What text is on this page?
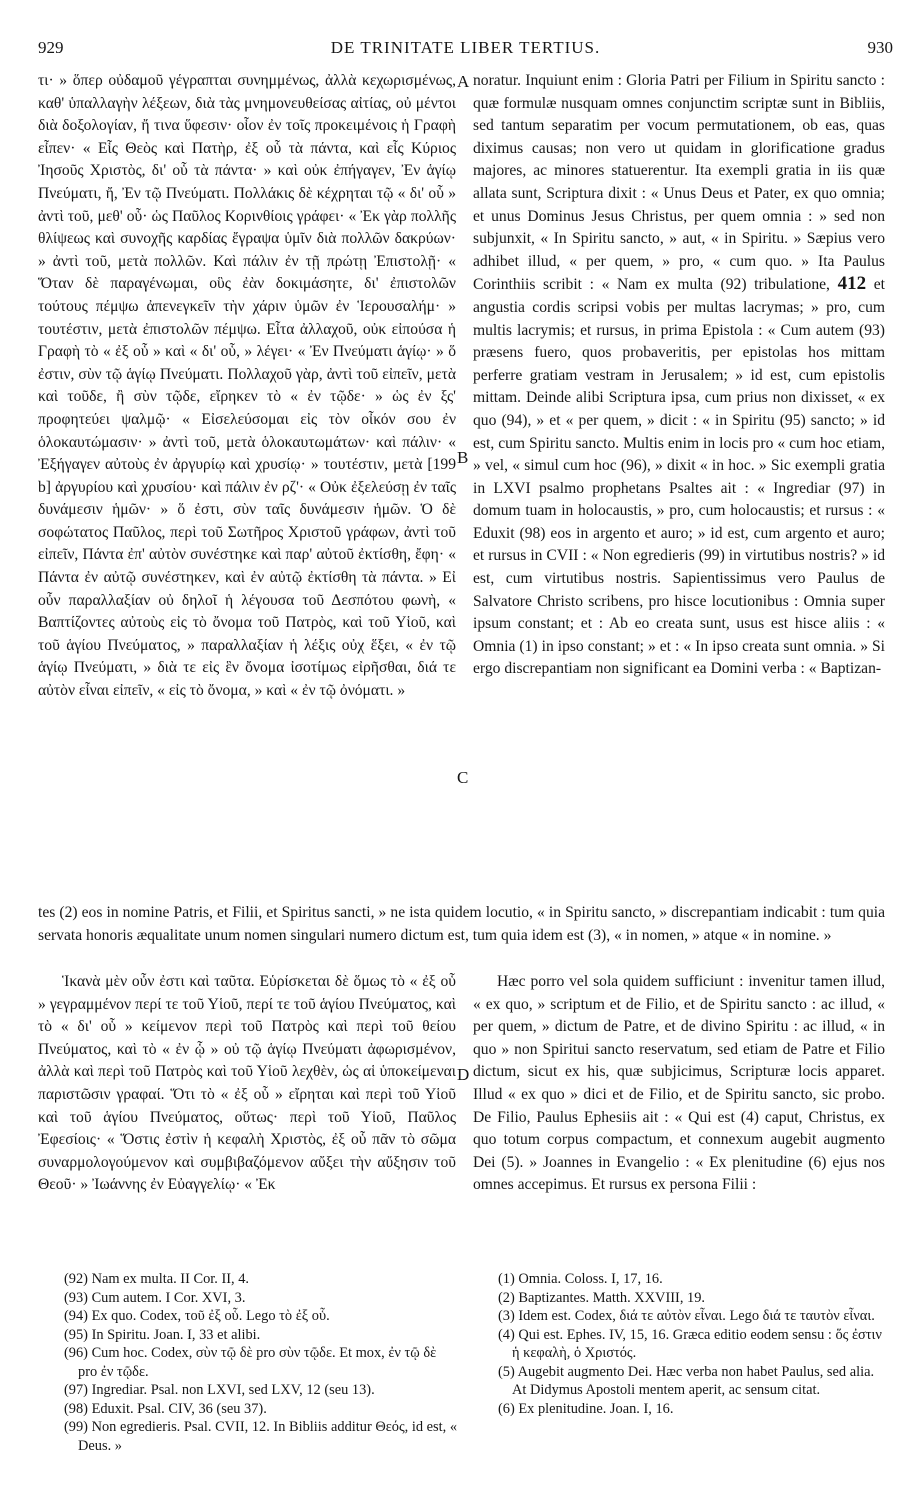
929	DE TRINITATE LIBER TERTIUS.	930
A
B
C
D

τι· » ὅπερ οὐδαμοῦ γέγραπται συνημμένως, ἀλλὰ κεχωρισμένως, καθ' ὑπαλλαγὴν λέξεων, διὰ τὰς μνημονευθείσας αἰτίας, οὐ μέντοι διὰ δοξολογίαν, ἤ τινα ὕφεσιν· οἷον ἐν τοῖς προκειμένοις ἡ Γραφὴ εἶπεν· « Εἷς Θεὸς καὶ Πατὴρ, ἐξ οὗ τὰ πάντα, καὶ εἷς Κύριος Ἰησοῦς Χριστὸς, δι' οὗ τὰ πάντα· » καὶ οὐκ ἐπήγαγεν, Ἐν ἁγίῳ Πνεύματι, ἤ, Ἐν τῷ Πνεύματι. Πολλάκις δὲ κέχρηται τῷ « δι' οὗ » ἀντὶ τοῦ, μεθ' οὗ· ὡς Παῦλος Κορινθίοις γράφει· « Ἐκ γὰρ πολλῆς θλίψεως καὶ συνοχῆς καρδίας ἔγραψα ὑμῖν διὰ πολλῶν δακρύων· » ἀντὶ τοῦ, μετὰ πολλῶν. Καὶ πάλιν ἐν τῇ πρώτῃ Ἐπιστολῇ· « Ὅταν δὲ παραγένωμαι, οὓς ἐὰν δοκιμάσητε, δι' ἐπιστολῶν τούτους πέμψω ἀπενεγκεῖν τὴν χάριν ὑμῶν ἐν Ἱερουσαλήμ· » τουτέστιν, μετὰ ἐπιστολῶν πέμψω. Εἶτα ἀλλαχοῦ, οὐκ εἰπούσα ἡ Γραφὴ τὸ « ἐξ οὗ » καὶ « δι' οὗ, » λέγει· « Ἐν Πνεύματι ἁγίῳ· » ὅ ἐστιν, σὺν τῷ ἁγίῳ Πνεύματι. Πολλαχοῦ γὰρ, ἀντὶ τοῦ εἰπεῖν, μετὰ καὶ τοῦδε, ἢ σὺν τῷδε, εἴρηκεν τὸ « ἐν τῷδε· » ὡς ἐν ξς' προφητεύει ψαλμῷ· « Εἰσελεύσομαι εἰς τὸν οἶκόν σου ἐν ὁλοκαυτώμασιν· » ἀντὶ τοῦ, μετὰ ὁλοκαυτωμάτων· καὶ πάλιν· « Ἐξήγαγεν αὐτοὺς ἐν ἀργυρίῳ καὶ χρυσίῳ· » τουτέστιν, μετὰ [199 b] ἀργυρίου καὶ χρυσίου· καὶ πάλιν ἐν ρζ'· « Οὐκ ἐξελεύσῃ ἐν ταῖς δυνάμεσιν ἡμῶν· » ὅ ἐστι, σὺν ταῖς δυνάμεσιν ἡμῶν. Ὁ δὲ σοφώτατος Παῦλος, περὶ τοῦ Σωτῆρος Χριστοῦ γράφων, ἀντὶ τοῦ εἰπεῖν, Πάντα ἐπ' αὐτὸν συνέστηκε καὶ παρ' αὐτοῦ ἐκτίσθη, ἔφη· « Πάντα ἐν αὐτῷ συνέστηκεν, καὶ ἐν αὐτῷ ἐκτίσθη τὰ πάντα. » Εἰ οὖν παραλλαξίαν οὐ δηλοῖ ἡ λέγουσα τοῦ Δεσπότου φωνὴ, « Βαπτίζοντες αὐτοὺς εἰς τὸ ὄνομα τοῦ Πατρὸς, καὶ τοῦ Υἱοῦ, καὶ τοῦ ἁγίου Πνεύματος, » παραλλαξίαν ἡ λέξις οὐχ ἕξει, « ἐν τῷ ἁγίῳ Πνεύματι, » διὰ τε εἰς ἓν ὄνομα ἰσοτίμως εἰρῆσθαι, διά τε αὐτὸν εἶναι εἰπεῖν, « εἰς τὸ ὄνομα, » καὶ « ἐν τῷ ὀνόματι. »

noratur. Inquiunt enim : Gloria Patri per Filium in Spiritu sancto : quæ formulæ nusquam omnes conjunctim scriptæ sunt in Bibliis, sed tantum separatim per vocum permutationem, ob eas, quas diximus causas; non vero ut quidam in glorificatione gradus majores, ac minores statuerentur. Ita exempli gratia in iis quæ allata sunt, Scriptura dixit : « Unus Deus et Pater, ex quo omnia; et unus Dominus Jesus Christus, per quem omnia : » sed non subjunxit, « In Spiritu sancto, » aut, « in Spiritu. » Sæpius vero adhibet illud, « per quem, » pro, « cum quo. » Ita Paulus Corinthiis scribit : « Nam ex multa (92) tribulatione, 412 et angustia cordis scripsi vobis per multas lacrymas; » pro, cum multis lacrymis; et rursus, in prima Epistola : « Cum autem (93) præsens fuero, quos probaveritis, per epistolas hos mittam perferre gratiam vestram in Jerusalem; » id est, cum epistolis mittam. Deinde alibi Scriptura ipsa, cum prius non dixisset, « ex quo (94), » et « per quem, » dicit : « in Spiritu (95) sancto; » id est, cum Spiritu sancto. Multis enim in locis pro « cum hoc etiam, » vel, « simul cum hoc (96), » dixit « in hoc. » Sic exempli gratia in LXVI psalmo prophetans Psaltes ait : « Ingrediar (97) in domum tuam in holocaustis, » pro, cum holocaustis; et rursus : « Eduxit (98) eos in argento et auro; » id est, cum argento et auro; et rursus in CVII : « Non egredieris (99) in virtutibus nostris? » id est, cum virtutibus nostris. Sapientissimus vero Paulus de Salvatore Christo scribens, pro hisce locutionibus : Omnia super ipsum constant; et : Ab eo creata sunt, usus est hisce aliis : « Omnia (1) in ipso constant; » et : « In ipso creata sunt omnia. » Si ergo discrepantiam non significant ea Domini verba : « Baptizan-

tes (2) eos in nomine Patris, et Filii, et Spiritus sancti, » ne ista quidem locutio, « in Spiritu sancto, » discrepantiam indicabit : tum quia servata honoris æqualitate unum nomen singulari numero dictum est, tum quia idem est (3), « in nomen, » atque « in nomine. »

Ἱκανὰ μὲν οὖν ἐστι καὶ ταῦτα. Εὑρίσκεται δὲ ὅμως τὸ « ἐξ οὗ » γεγραμμένον περί τε τοῦ Υἱοῦ, περί τε τοῦ ἁγίου Πνεύματος, καὶ τὸ « δι' οὗ » κείμενον περὶ τοῦ Πατρὸς καὶ περὶ τοῦ θείου Πνεύματος, καὶ τὸ « ἐν ᾧ » οὐ τῷ ἁγίῳ Πνεύματι ἀφωρισμένον, ἀλλὰ καὶ περὶ τοῦ Πατρὸς καὶ τοῦ Υἱοῦ λεχθὲν, ὡς αἱ ὑποκείμεναι παριστῶσιν γραφαί. Ὅτι τὸ « ἐξ οὗ » εἴρηται καὶ περὶ τοῦ Υἱοῦ καὶ τοῦ ἁγίου Πνεύματος, οὕτως· περὶ τοῦ Υἱοῦ, Παῦλος Ἐφεσίοις· « Ὅστις ἐστὶν ἡ κεφαλὴ Χριστὸς, ἐξ οὗ πᾶν τὸ σῶμα συναρμολογούμενον καὶ συμβιβαζόμενον αὔξει τὴν αὔξησιν τοῦ Θεοῦ· » Ἰωάννης ἐν Εὐαγγελίῳ· « Ἐκ

Hæc porro vel sola quidem sufficiunt : invenitur tamen illud, « ex quo, » scriptum et de Filio, et de Spiritu sancto : ac illud, « per quem, » dictum de Patre, et de divino Spiritu : ac illud, « in quo » non Spiritui sancto reservatum, sed etiam de Patre et Filio dictum, sicut ex his, quæ subjicimus, Scripturæ locis apparet. Illud « ex quo » dici et de Filio, et de Spiritu sancto, sic probo. De Filio, Paulus Ephesiis ait : « Qui est (4) caput, Christus, ex quo totum corpus compactum, et connexum augebit augmento Dei (5). » Joannes in Evangelio : « Ex plenitudine (6) ejus nos omnes accepimus. Et rursus ex persona Filii :

(92) Nam ex multa. II Cor. II, 4.

(93) Cum autem. I Cor. XVI, 3.

(94) Ex quo. Codex, τοῦ ἐξ οὗ. Lego τὸ ἐξ οὗ.

(95) In Spiritu. Joan. I, 33 et alibi.

(96) Cum hoc. Codex, σὺν τῷ δὲ pro σὺν τῷδε. Et mox, ἐν τῷ δὲ pro ἐν τῷδε.

(97) Ingrediar. Psal. non LXVI, sed LXV, 12 (seu 13).

(98) Eduxit. Psal. CIV, 36 (seu 37).

(99) Non egredieris. Psal. CVII, 12. In Bibliis additur Θεός, id est, « Deus. »

(1) Omnia. Coloss. I, 17, 16.

(2) Baptizantes. Matth. XXVIII, 19.

(3) Idem est. Codex, διά τε αὐτὸν εἶναι. Lego διά τε ταυτὸν εἶναι.

(4) Qui est. Ephes. IV, 15, 16. Græca editio eodem sensu : ὅς ἐστιν ἡ κεφαλὴ, ὁ Χριστός.

(5) Augebit augmento Dei. Hæc verba non habet Paulus, sed alia. At Didymus Apostoli mentem aperit, ac sensum citat.

(6) Ex plenitudine. Joan. I, 16.
